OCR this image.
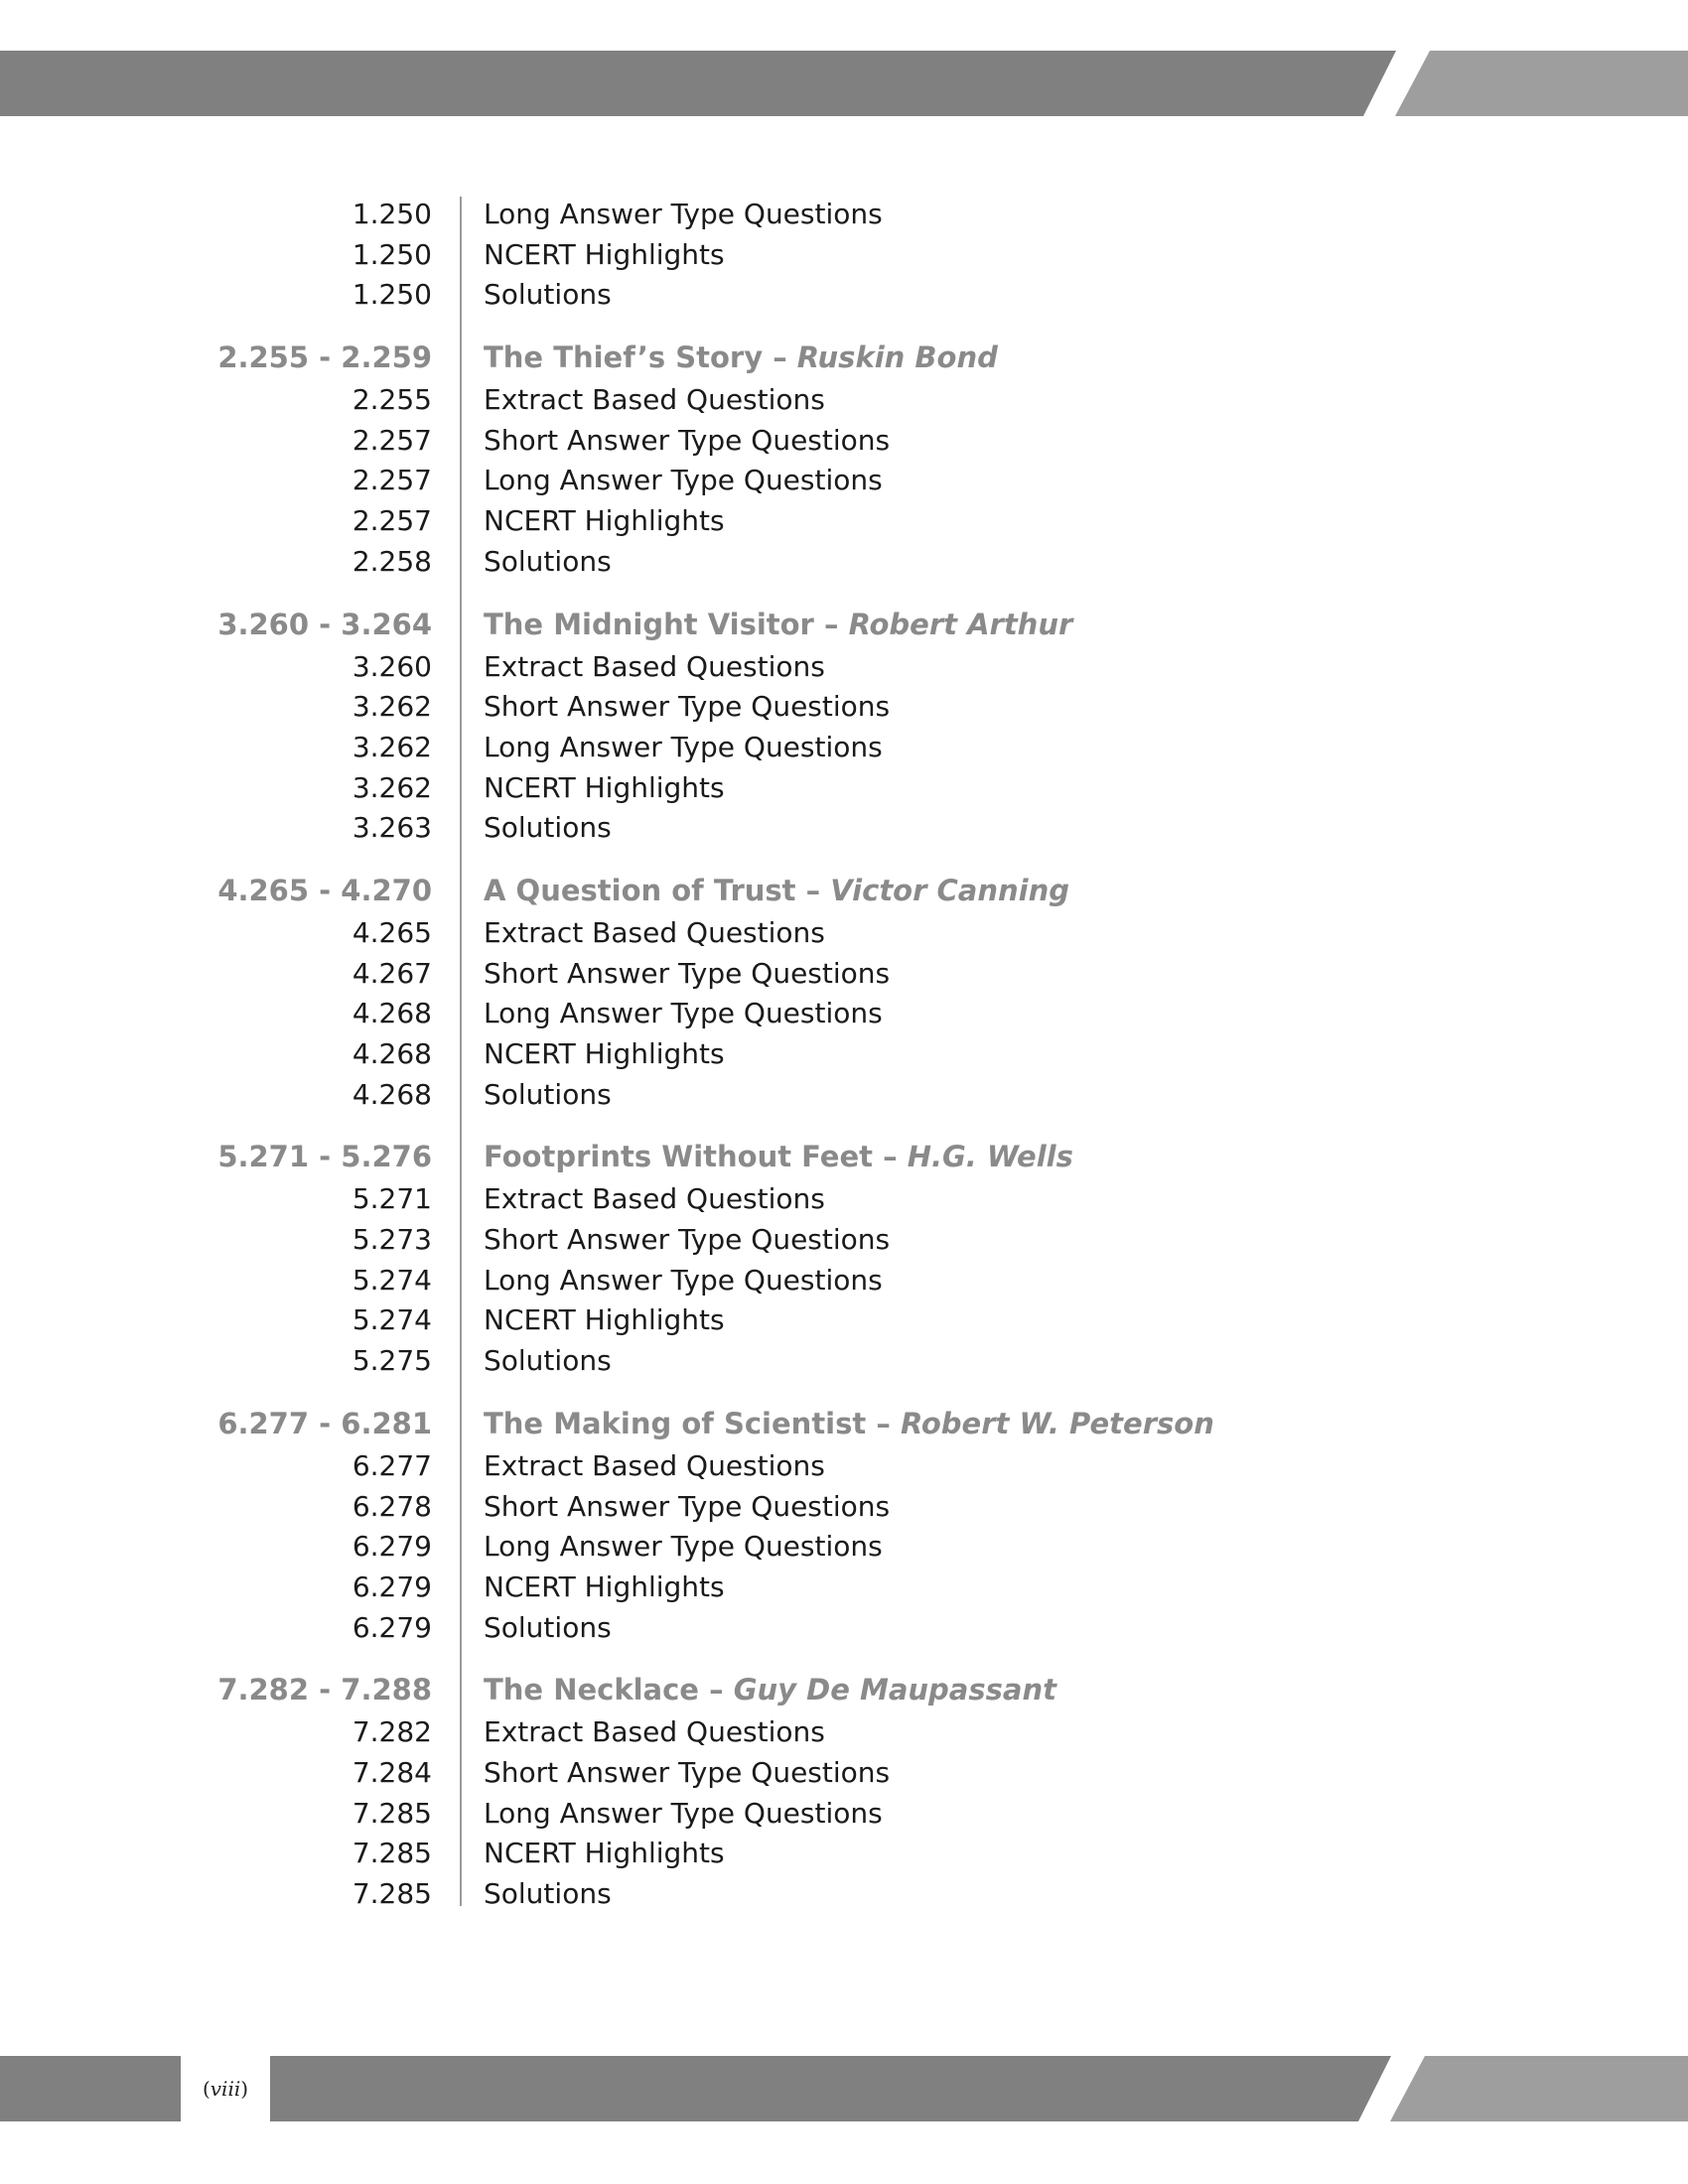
1.250 Long Answer Type Questions
1.250 NCERT Highlights
1.250 Solutions
2.255 - 2.259 The Thief’s Story – Ruskin Bond
2.255 Extract Based Questions
2.257 Short Answer Type Questions
2.257 Long Answer Type Questions
2.257 NCERT Highlights
2.258 Solutions
3.260 - 3.264 The Midnight Visitor – Robert Arthur
3.260 Extract Based Questions
3.262 Short Answer Type Questions
3.262 Long Answer Type Questions
3.262 NCERT Highlights
3.263 Solutions
4.265 - 4.270 A Question of Trust – Victor Canning
4.265 Extract Based Questions
4.267 Short Answer Type Questions
4.268 Long Answer Type Questions
4.268 NCERT Highlights
4.268 Solutions
5.271 - 5.276 Footprints Without Feet – H.G. Wells
5.271 Extract Based Questions
5.273 Short Answer Type Questions
5.274 Long Answer Type Questions
5.274 NCERT Highlights
5.275 Solutions
6.277 - 6.281 The Making of Scientist – Robert W. Peterson
6.277 Extract Based Questions
6.278 Short Answer Type Questions
6.279 Long Answer Type Questions
6.279 NCERT Highlights
6.279 Solutions
7.282 - 7.288 The Necklace – Guy De Maupassant
7.282 Extract Based Questions
7.284 Short Answer Type Questions
7.285 Long Answer Type Questions
7.285 NCERT Highlights
7.285 Solutions
( viii )
